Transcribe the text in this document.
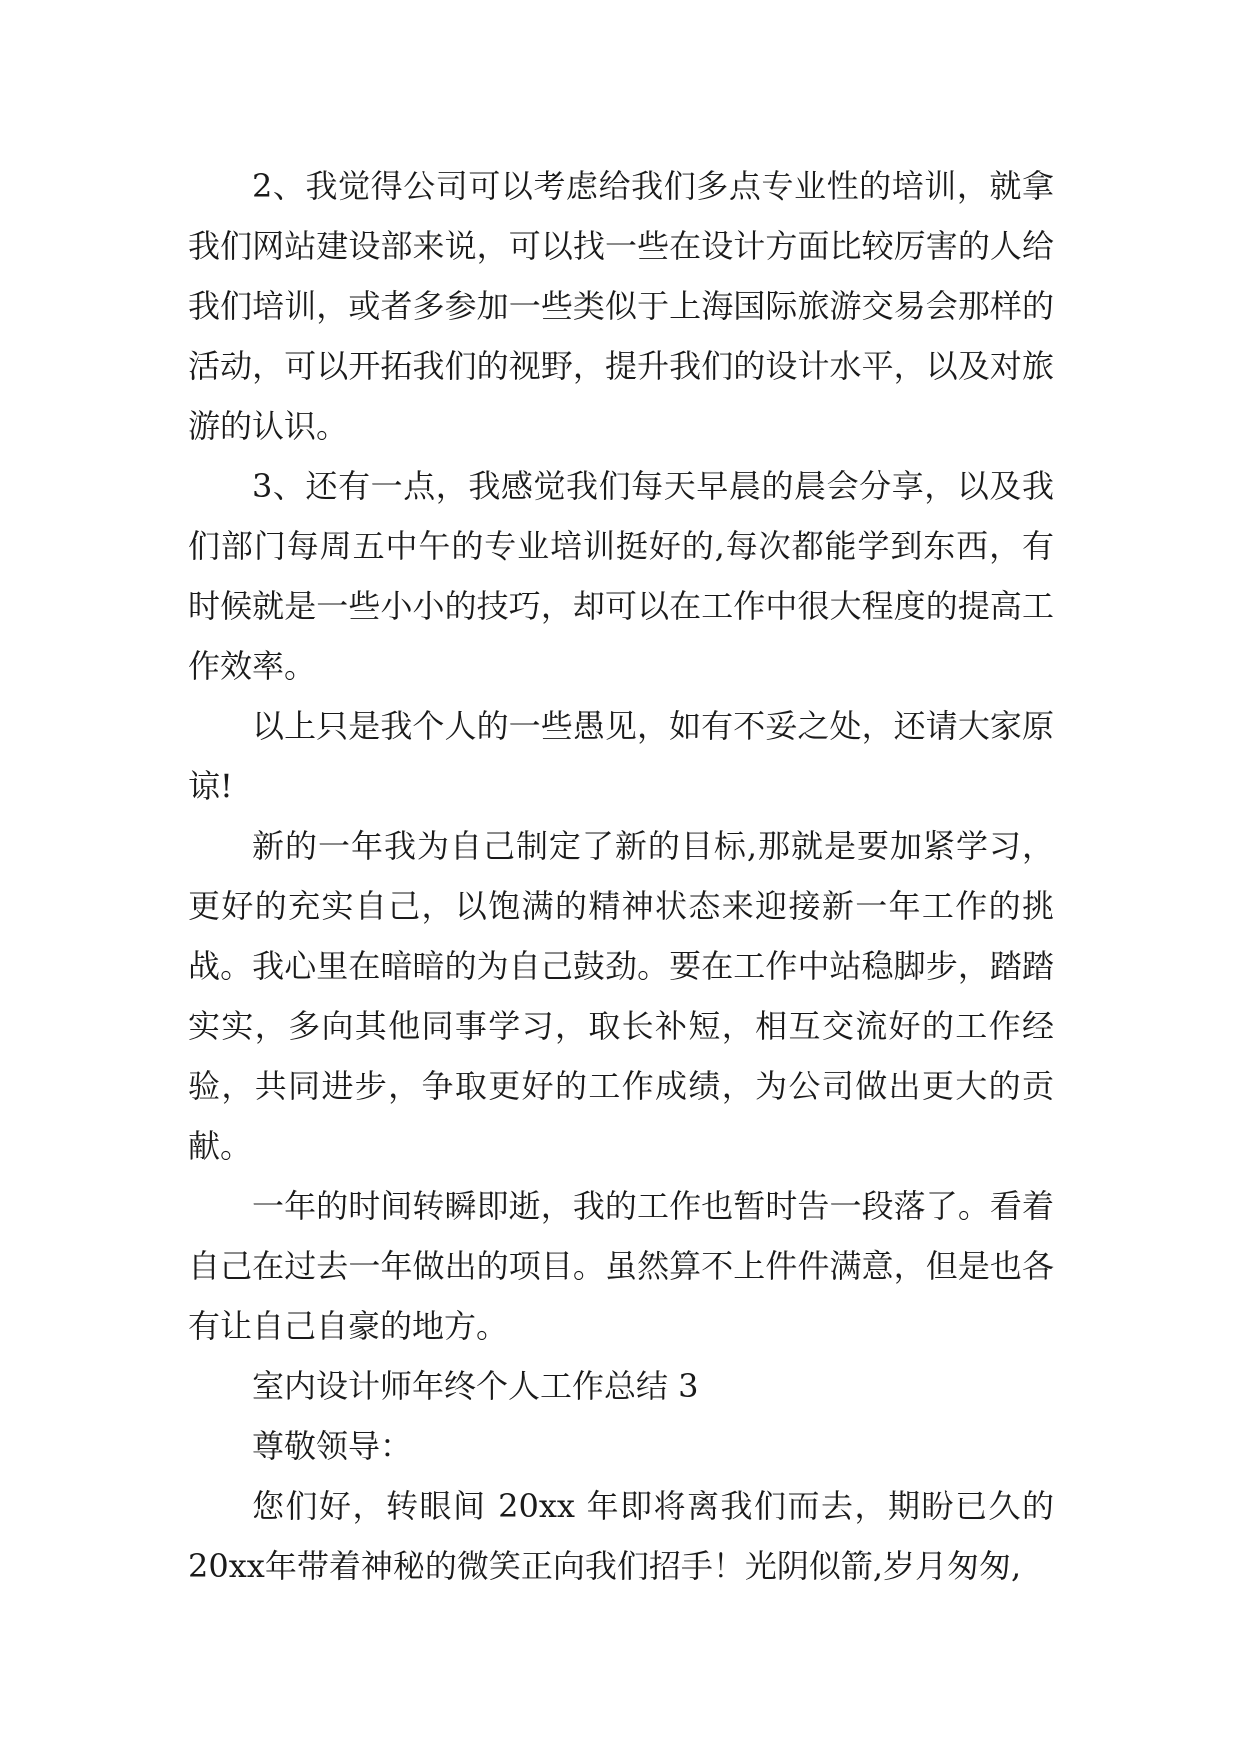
2、我觉得公司可以考虑给我们多点专业性的培训，就拿我们网站建设部来说，可以找一些在设计方面比较厉害的人给我们培训，或者多参加一些类似于上海国际旅游交易会那样的活动，可以开拓我们的视野，提升我们的设计水平，以及对旅游的认识。

3、还有一点，我感觉我们每天早晨的晨会分享，以及我们部门每周五中午的专业培训挺好的,每次都能学到东西，有时候就是一些小小的技巧，却可以在工作中很大程度的提高工作效率。

以上只是我个人的一些愚见，如有不妥之处，还请大家原谅!

新的一年我为自己制定了新的目标,那就是要加紧学习，更好的充实自己，以饱满的精神状态来迎接新一年工作的挑战。我心里在暗暗的为自己鼓劲。要在工作中站稳脚步，踏踏实实，多向其他同事学习，取长补短，相互交流好的工作经验，共同进步，争取更好的工作成绩，为公司做出更大的贡献。

一年的时间转瞬即逝，我的工作也暂时告一段落了。看着自己在过去一年做出的项目。虽然算不上件件满意，但是也各有让自己自豪的地方。

室内设计师年终个人工作总结 3

尊敬领导：

您们好，转眼间 20xx 年即将离我们而去，期盼已久的20xx年带着神秘的微笑正向我们招手！光阴似箭,岁月匆匆,
